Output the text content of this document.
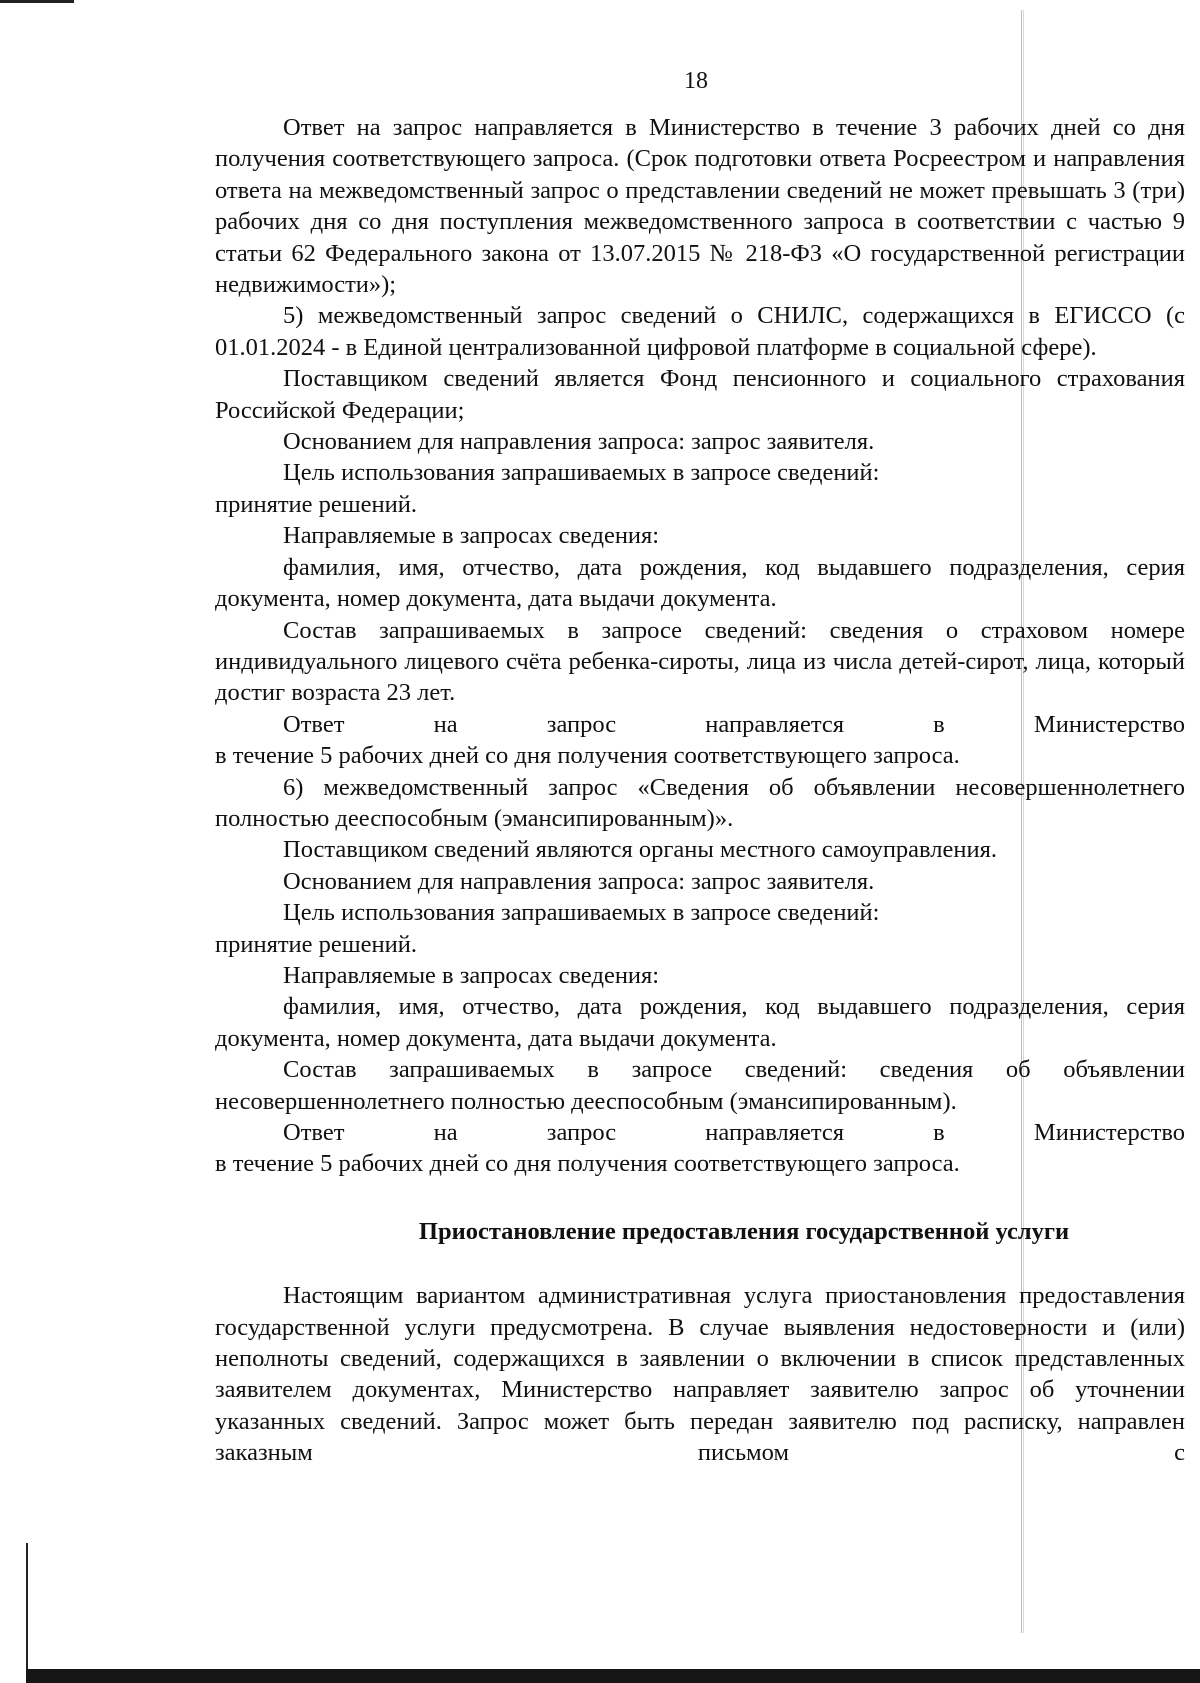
18

Ответ на запрос направляется в Министерство в течение 3 рабочих дней со дня получения соответствующего запроса. (Срок подготовки ответа Росреестром и направления ответа на межведомственный запрос о представлении сведений не может превышать 3 (три) рабочих дня со дня поступления межведомственного запроса в соответствии с частью 9 статьи 62 Федерального закона от 13.07.2015 № 218-ФЗ «О государственной регистрации недвижимости»);

5) межведомственный запрос сведений о СНИЛС, содержащихся в ЕГИССО (с 01.01.2024 - в Единой централизованной цифровой платформе в социальной сфере).

Поставщиком сведений является Фонд пенсионного и социального страхования Российской Федерации;

Основанием для направления запроса: запрос заявителя.

Цель использования запрашиваемых в запросе сведений:

принятие решений.

Направляемые в запросах сведения:

фамилия, имя, отчество, дата рождения, код выдавшего подразделения, серия документа, номер документа, дата выдачи документа.

Состав запрашиваемых в запросе сведений: сведения о страховом номере индивидуального лицевого счёта ребенка-сироты, лица из числа детей-сирот, лица, который достиг возраста 23 лет.

Ответ на запрос направляется в Министерство

в течение 5 рабочих дней со дня получения соответствующего запроса.

6) межведомственный запрос «Сведения об объявлении несовершеннолетнего полностью дееспособным (эмансипированным)».

Поставщиком сведений являются органы местного самоуправления.

Основанием для направления запроса: запрос заявителя.

Цель использования запрашиваемых в запросе сведений:

принятие решений.

Направляемые в запросах сведения:

фамилия, имя, отчество, дата рождения, код выдавшего подразделения, серия документа, номер документа, дата выдачи документа.

Состав запрашиваемых в запросе сведений: сведения об объявлении несовершеннолетнего полностью дееспособным (эмансипированным).

Ответ на запрос направляется в Министерство

в течение 5 рабочих дней со дня получения соответствующего запроса.

Приостановление предоставления государственной услуги

Настоящим вариантом административная услуга приостановления предоставления государственной услуги предусмотрена. В случае выявления недостоверности и (или) неполноты сведений, содержащихся в заявлении о включении в список представленных заявителем документах, Министерство направляет заявителю запрос об уточнении указанных сведений. Запрос может быть передан заявителю под расписку, направлен заказным письмом с
